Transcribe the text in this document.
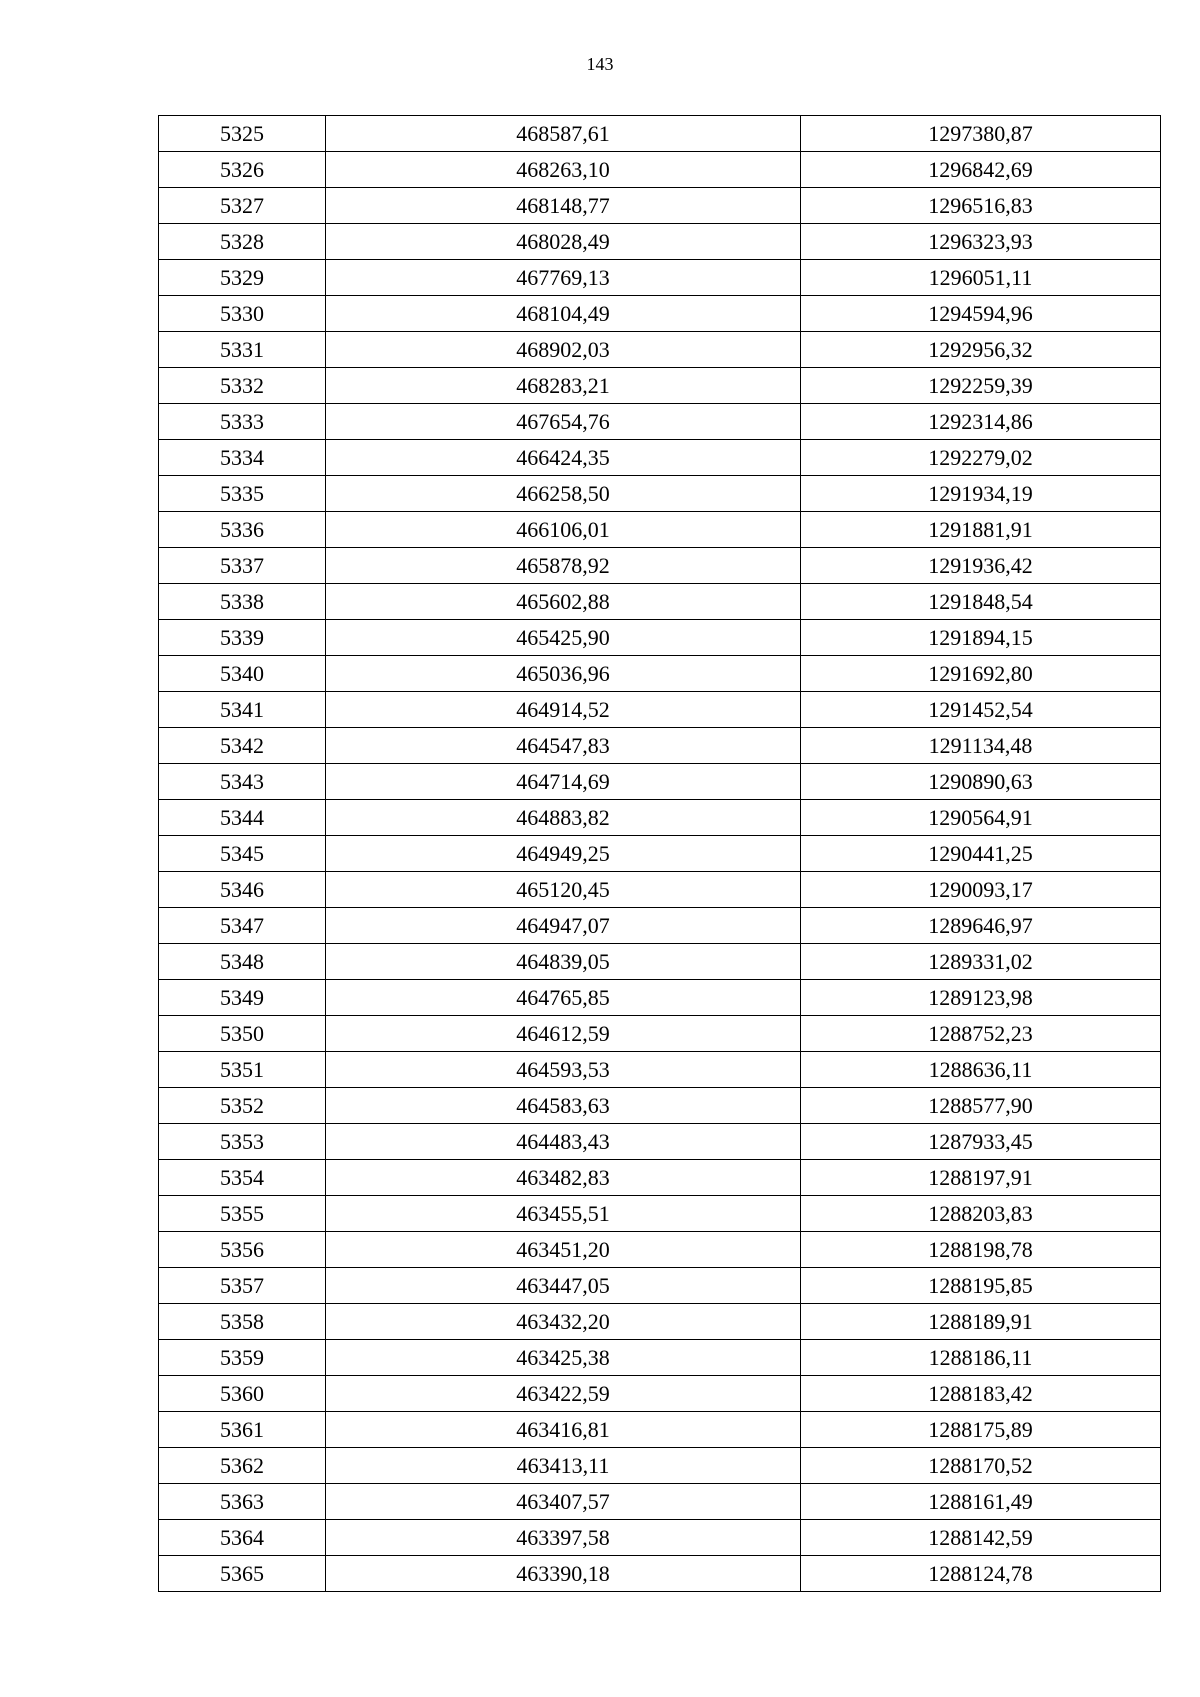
143
5325	468587,61	1297380,87
5326	468263,10	1296842,69
5327	468148,77	1296516,83
5328	468028,49	1296323,93
5329	467769,13	1296051,11
5330	468104,49	1294594,96
5331	468902,03	1292956,32
5332	468283,21	1292259,39
5333	467654,76	1292314,86
5334	466424,35	1292279,02
5335	466258,50	1291934,19
5336	466106,01	1291881,91
5337	465878,92	1291936,42
5338	465602,88	1291848,54
5339	465425,90	1291894,15
5340	465036,96	1291692,80
5341	464914,52	1291452,54
5342	464547,83	1291134,48
5343	464714,69	1290890,63
5344	464883,82	1290564,91
5345	464949,25	1290441,25
5346	465120,45	1290093,17
5347	464947,07	1289646,97
5348	464839,05	1289331,02
5349	464765,85	1289123,98
5350	464612,59	1288752,23
5351	464593,53	1288636,11
5352	464583,63	1288577,90
5353	464483,43	1287933,45
5354	463482,83	1288197,91
5355	463455,51	1288203,83
5356	463451,20	1288198,78
5357	463447,05	1288195,85
5358	463432,20	1288189,91
5359	463425,38	1288186,11
5360	463422,59	1288183,42
5361	463416,81	1288175,89
5362	463413,11	1288170,52
5363	463407,57	1288161,49
5364	463397,58	1288142,59
5365	463390,18	1288124,78
